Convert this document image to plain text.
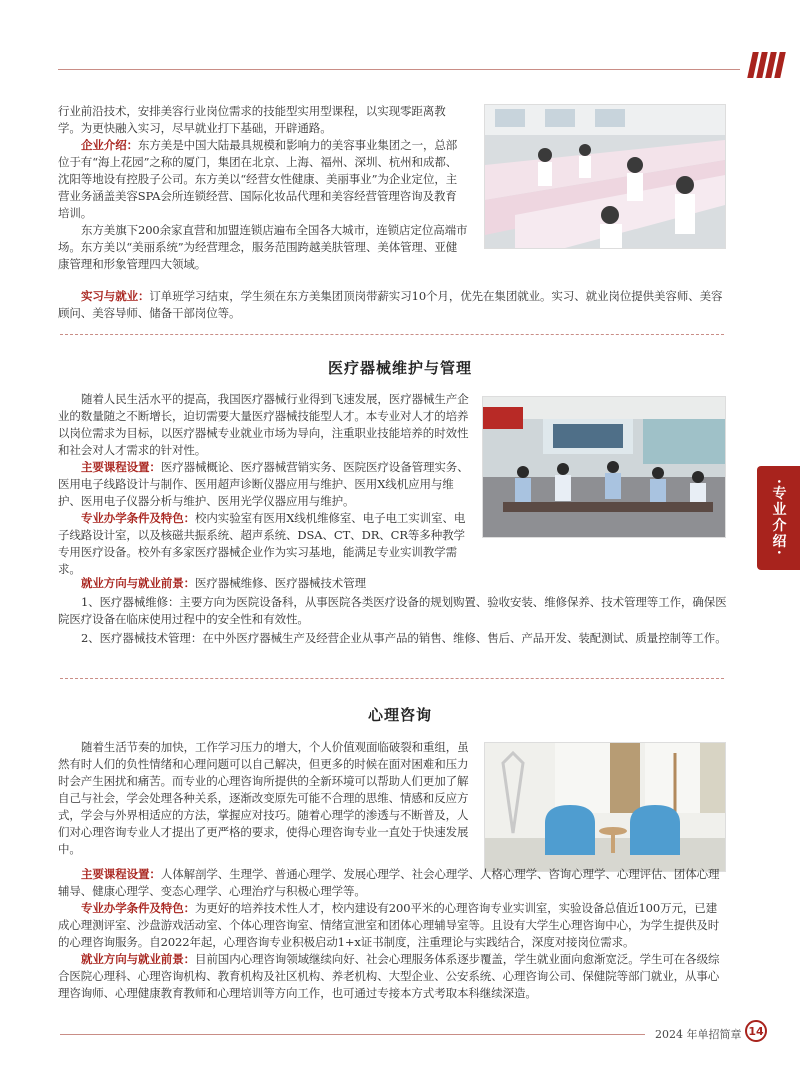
行业前沿技术，安排美容行业岗位需求的技能型实用型课程，以实现零距离教学。为更快融入实习，尽早就业打下基础，开辟通路。

企业介绍：东方美是中国大陆最具规模和影响力的美容事业集团之一，总部位于有“海上花园”之称的厦门，集团在北京、上海、福州、深圳、杭州和成都、沈阳等地设有控股子公司。东方美以“经营女性健康、美丽事业”为企业定位，主营业务涵盖美容SPA会所连锁经营、国际化妆品代理和美容经营管理咨询及教育培训。

东方美旗下200余家直营和加盟连锁店遍布全国各大城市，连锁店定位高端市场。东方美以“美丽系统”为经营理念，服务范围跨越美肤管理、美体管理、亚健康管理和形象管理四大领域。

实习与就业：订单班学习结束，学生须在东方美集团顶岗带薪实习10个月，优先在集团就业。实习、就业岗位提供美容师、美容顾问、美容导师、储备干部岗位等。

医疗器械维护与管理

随着人民生活水平的提高，我国医疗器械行业得到飞速发展，医疗器械生产企业的数量随之不断增长，迫切需要大量医疗器械技能型人才。本专业对人才的培养以岗位需求为目标，以医疗器械专业就业市场为导向，注重职业技能培养的时效性和社会对人才需求的针对性。

主要课程设置：医疗器械概论、医疗器械营销实务、医院医疗设备管理实务、医用电子线路设计与制作、医用超声诊断仪器应用与维护、医用X线机应用与维护、医用电子仪器分析与维护、医用光学仪器应用与维护。

专业办学条件及特色：校内实验室有医用X线机维修室、电子电工实训室、电子线路设计室，以及核磁共振系统、超声系统、DSA、CT、DR、CR等多种教学专用医疗设备。校外有多家医疗器械企业作为实习基地，能满足专业实训教学需求。

就业方向与就业前景：医疗器械维修、医疗器械技术管理

1、医疗器械维修：主要方向为医院设备科，从事医院各类医疗设备的规划购置、验收安装、维修保养、技术管理等工作，确保医院医疗设备在临床使用过程中的安全性和有效性。

2、医疗器械技术管理：在中外医疗器械生产及经营企业从事产品的销售、维修、售后、产品开发、装配测试、质量控制等工作。

心理咨询

随着生活节奏的加快，工作学习压力的增大，个人价值观面临破裂和重组，虽然有时人们的负性情绪和心理问题可以自己解决，但更多的时候在面对困难和压力时会产生困扰和痛苦。而专业的心理咨询所提供的全新环境可以帮助人们更加了解自己与社会，学会处理各种关系，逐渐改变原先可能不合理的思维、情感和反应方式，学会与外界相适应的方法，掌握应对技巧。随着心理学的渗透与不断普及，人们对心理咨询专业人才提出了更严格的要求，使得心理咨询专业一直处于快速发展中。

主要课程设置：人体解剖学、生理学、普通心理学、发展心理学、社会心理学、人格心理学、咨询心理学、心理评估、团体心理辅导、健康心理学、变态心理学、心理治疗与积极心理学等。

专业办学条件及特色：为更好的培养技术性人才，校内建设有200平米的心理咨询专业实训室，实验设备总值近100万元，已建成心理测评室、沙盘游戏活动室、个体心理咨询室、情绪宣泄室和团体心理辅导室等。且设有大学生心理咨询中心，为学生提供及时的心理咨询服务。自2022年起，心理咨询专业积极启动1+x证书制度，注重理论与实践结合，深度对接岗位需求。

就业方向与就业前景：目前国内心理咨询领域继续向好、社会心理服务体系逐步覆盖，学生就业面向愈渐宽泛。学生可在各级综合医院心理科、心理咨询机构、教育机构及社区机构、养老机构、大型企业、公安系统、心理咨询公司、保健院等部门就业，从事心理咨询师、心理健康教育教师和心理培训等方向工作，也可通过专接本方式考取本科继续深造。

·专业介绍·
2024 年单招简章 14
